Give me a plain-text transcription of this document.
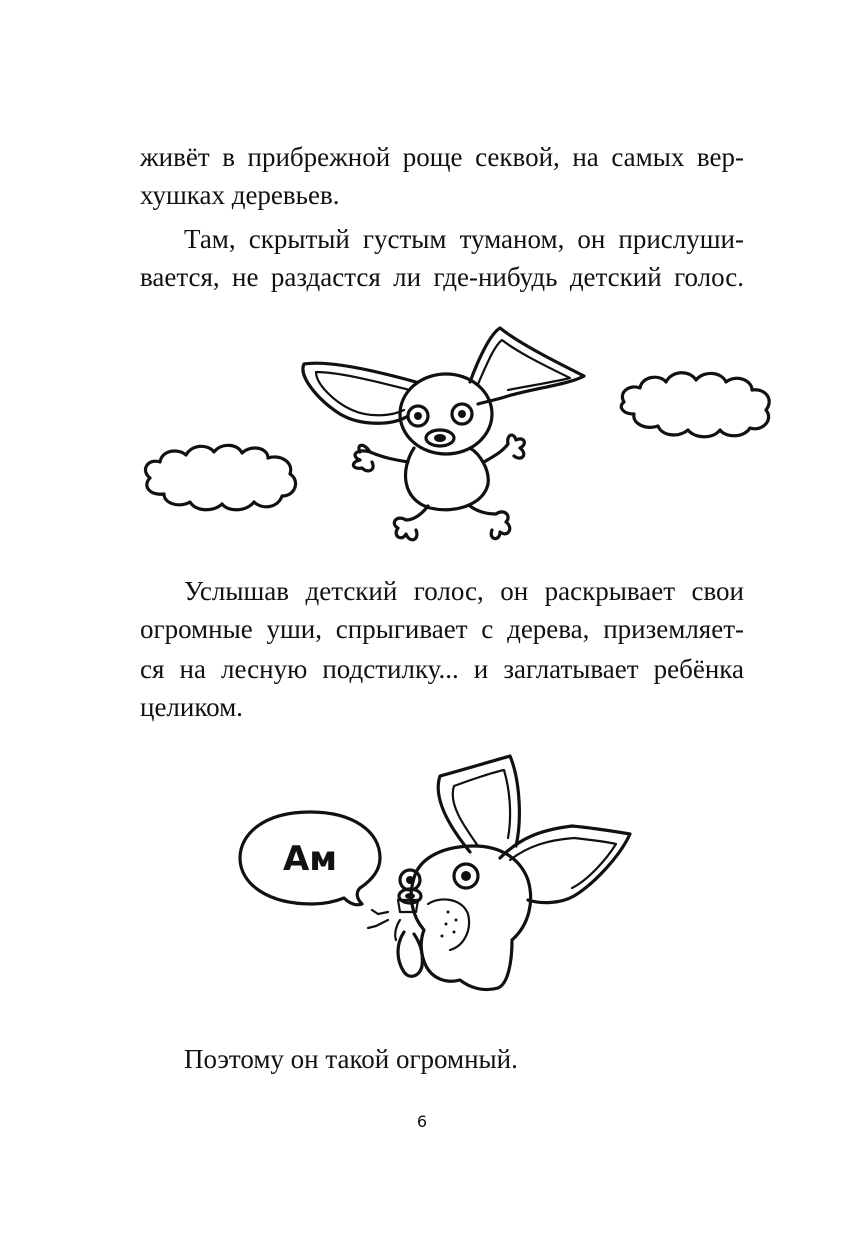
живёт в прибрежной роще секвой, на самых вер-
хушках деревьев.
Там, скрытый густым туманом, он прислуши-
вается, не раздастся ли где-нибудь детский голос.
Услышав детский голос, он раскрывает свои
огромные уши, спрыгивает с дерева, приземляет-
ся на лесную подстилку... и заглатывает ребёнка
целиком.
Поэтому он такой огромный.
6
Ам
